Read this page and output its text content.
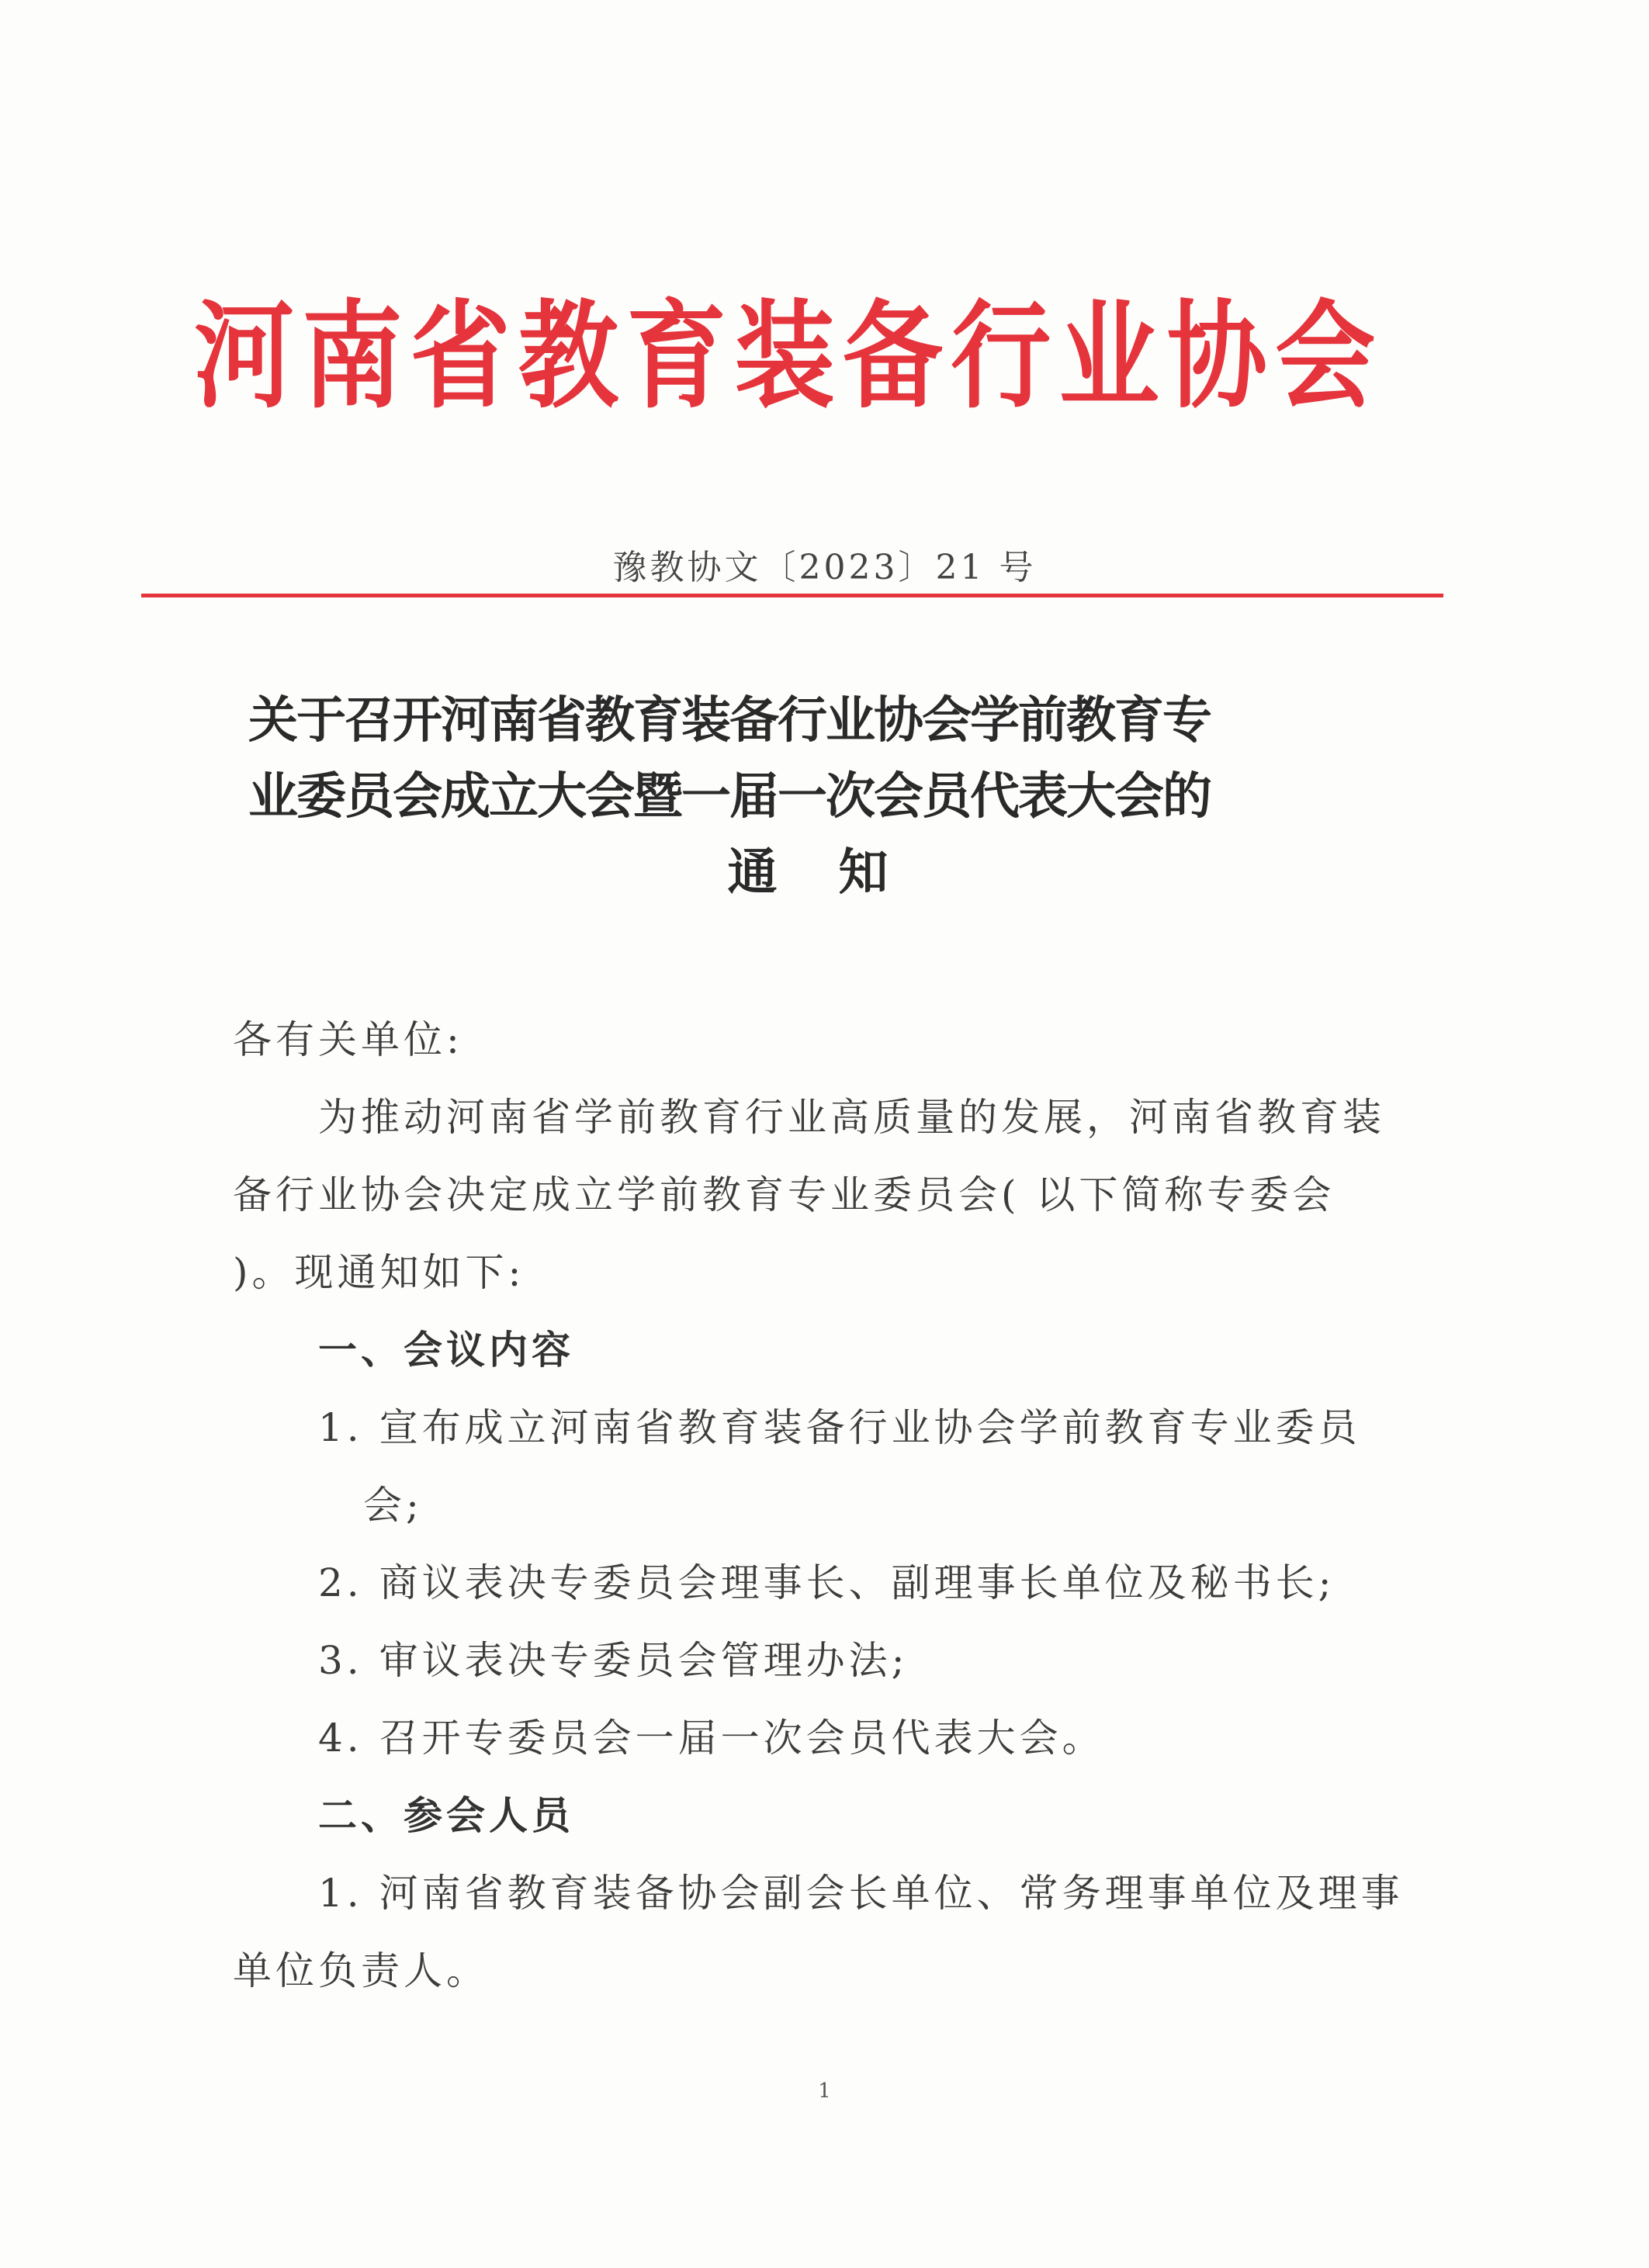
河南省教育装备行业协会
豫教协文〔2023〕21 号
关于召开河南省教育装备行业协会学前教育专
业委员会成立大会暨一届一次会员代表大会的
通    知

各有关单位:

为推动河南省学前教育行业高质量的发展，河南省教育装备行业协会决定成立学前教育专业委员会( 以下简称专委会 )。现通知如下:

一、会议内容

1. 宣布成立河南省教育装备行业协会学前教育专业委员会;

2. 商议表决专委员会理事长、副理事长单位及秘书长;

3. 审议表决专委员会管理办法;

4. 召开专委员会一届一次会员代表大会。

二、参会人员

1. 河南省教育装备协会副会长单位、常务理事单位及理事单位负责人。

1
